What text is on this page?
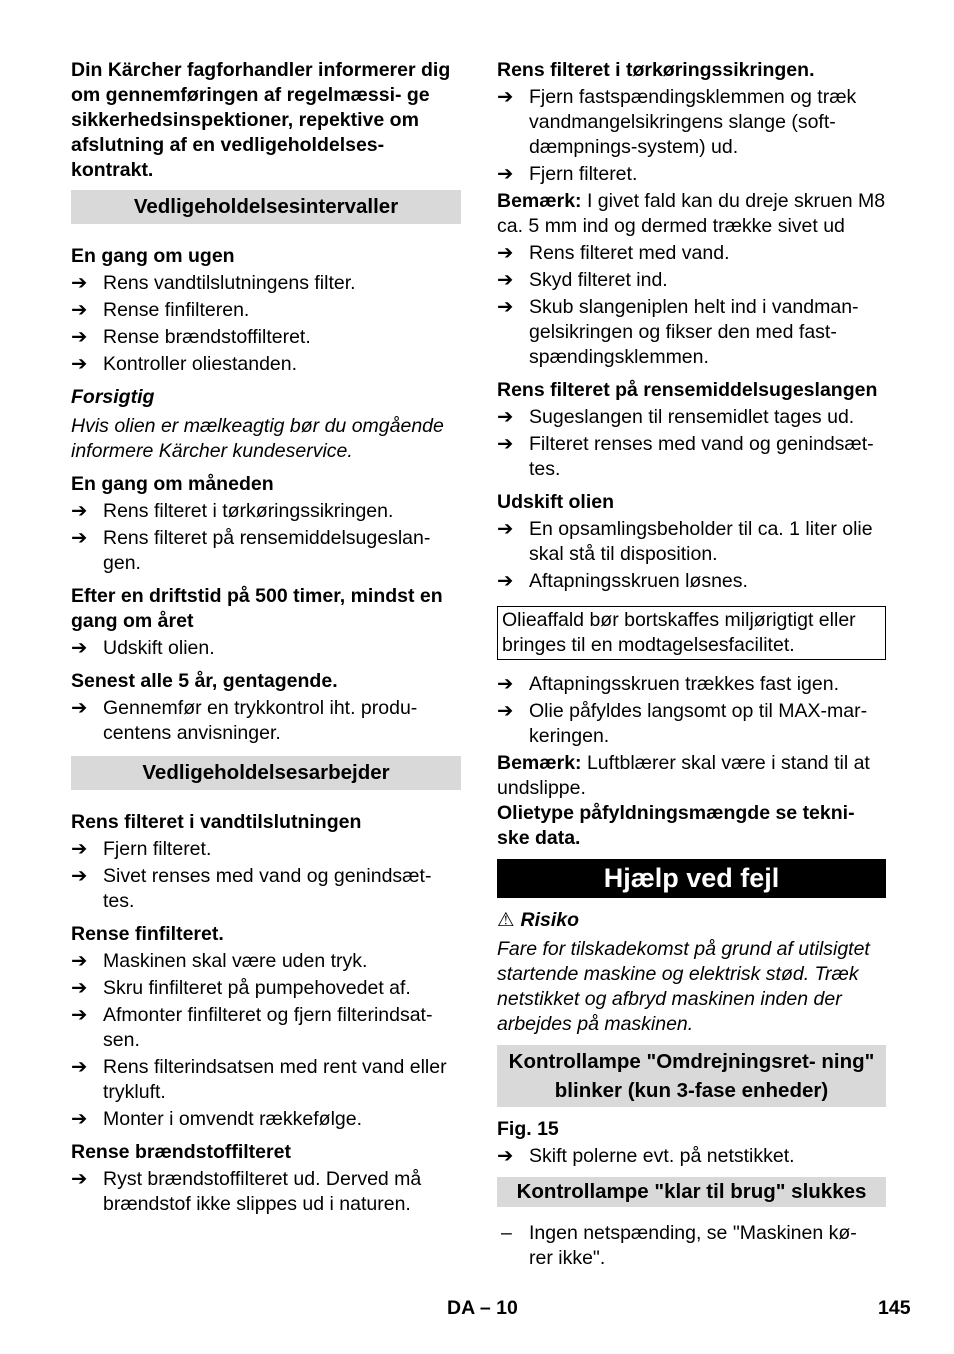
Din Kärcher fagforhandler informerer dig om gennemføringen af regelmæssi- ge sikkerhedsinspektioner, repektive om afslutning af en vedligeholdelses- kontrakt.

Vedligeholdelsesintervaller

En gang om ugen

➔ Rens vandtilslutningens filter.
➔ Rense finfilteren.
➔ Rense brændstoffilteret.
➔ Kontroller oliestanden.

Forsigtig

Hvis olien er mælkeagtig bør du omgående informere Kärcher kundeservice.

En gang om måneden

➔ Rens filteret i tørkøringssikringen.
➔ Rens filteret på rensemiddelsugeslan- gen.

Efter en driftstid på 500 timer, mindst en gang om året

➔ Udskift olien.

Senest alle 5 år, gentagende.

➔ Gennemfør en trykkontrol iht. produ- centens anvisninger.
Vedligeholdelsesarbejder

Rens filteret i vandtilslutningen

➔ Fjern filteret.
➔ Sivet renses med vand og genindsæt- tes.

Rense finfilteret.

➔ Maskinen skal være uden tryk.
➔ Skru finfilteret på pumpehovedet af.
➔ Afmonter finfilteret og fjern filterindsat- sen.
➔ Rens filterindsatsen med rent vand eller trykluft.
➔ Monter i omvendt rækkefølge.

Rense brændstoffilteret

➔ Ryst brændstoffilteret ud. Derved må brændstof ikke slippes ud i naturen.

Rens filteret i tørkøringssikringen.

➔ Fjern fastspændingsklemmen og træk vandmangelsikringens slange (soft- dæmpnings-system) ud.
➔ Fjern filteret.

Bemærk: I givet fald kan du dreje skruen M8 ca. 5 mm ind og dermed trække sivet ud

➔ Rens filteret med vand.
➔ Skyd filteret ind.
➔ Skub slangeniplen helt ind i vandman- gelsikringen og fikser den med fast- spændingsklemmen.

Rens filteret på rensemiddelsugeslangen

➔ Sugeslangen til rensemidlet tages ud.
➔ Filteret renses med vand og genindsæt- tes.

Udskift olien

➔ En opsamlingsbeholder til ca. 1 liter olie skal stå til disposition.
➔ Aftapningsskruen løsnes.
Olieaffald bør bortskaffes miljørigtigt eller bringes til en modtagelsesfacilitet.
➔ Aftapningsskruen trækkes fast igen.
➔ Olie påfyldes langsomt op til MAX-mar- keringen.

Bemærk: Luftblærer skal være i stand til at undslippe.

Olietype påfyldningsmængde se tekni- ske data.

Hjælp ved fejl

⚠ Risiko

Fare for tilskadekomst på grund af utilsigtet startende maskine og elektrisk stød. Træk netstikket og afbryd maskinen inden der arbejdes på maskinen.

Kontrollampe "Omdrejningsret- ning" blinker (kun 3-fase enheder)

Fig. 15

➔ Skift polerne evt. på netstikket.
Kontrollampe "klar til brug" slukkes
– Ingen netspænding, se "Maskinen kø- rer ikke".
DA – 10	145
